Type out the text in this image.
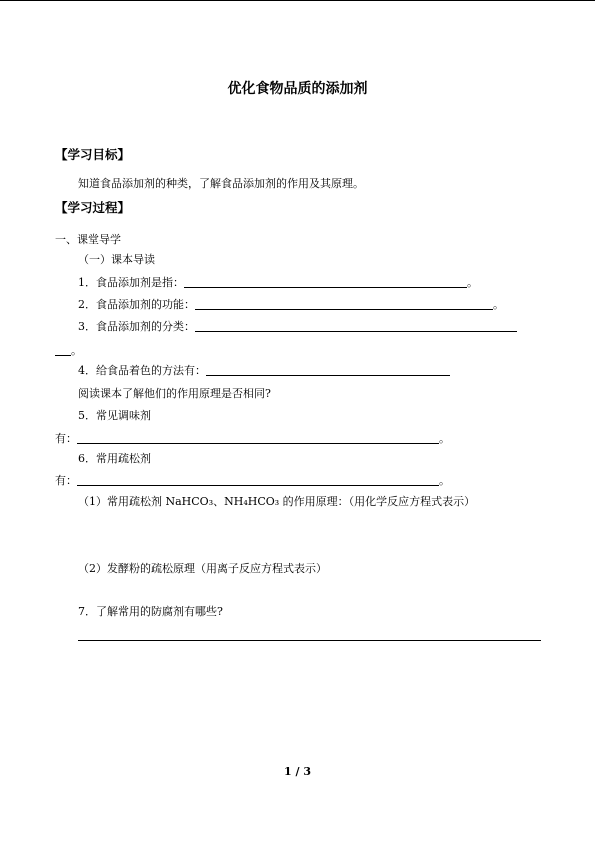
优化食物品质的添加剂
【学习目标】
知道食品添加剂的种类，了解食品添加剂的作用及其原理。
【学习过程】
一、课堂导学
（一）课本导读
1．食品添加剂是指：	。
2．食品添加剂的功能：	。
3．食品添加剂的分类：
。
4．给食品着色的方法有：
阅读课本了解他们的作用原理是否相同?
5．常见调味剂
有：	。
6．常用疏松剂
有：	。
（1）常用疏松剂 NaHCO₃、NH₄HCO₃ 的作用原理：（用化学反应方程式表示）
（2）发酵粉的疏松原理（用离子反应方程式表示）
7．了解常用的防腐剂有哪些?
1 / 3
